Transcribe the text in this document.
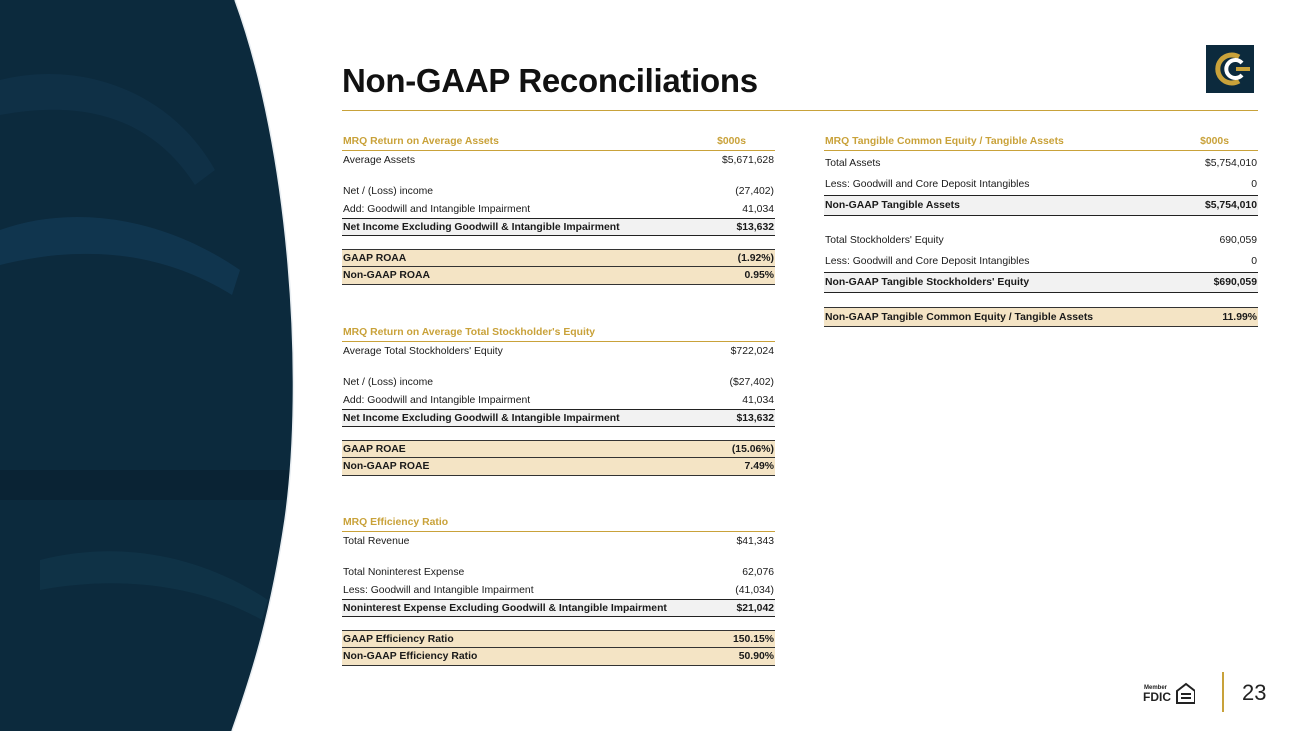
Non-GAAP Reconciliations
MRQ Return on Average Assets	$000s
Average Assets	$5,671,628
Net / (Loss) income	(27,402)
Add: Goodwill and Intangible Impairment	41,034
Net Income Excluding Goodwill & Intangible Impairment	$13,632
GAAP ROAA	(1.92%)
Non-GAAP ROAA	0.95%
MRQ Return on Average Total Stockholder's Equity
Average Total Stockholders' Equity	$722,024
Net / (Loss) income	($27,402)
Add: Goodwill and Intangible Impairment	41,034
Net Income Excluding Goodwill & Intangible Impairment	$13,632
GAAP ROAE	(15.06%)
Non-GAAP ROAE	7.49%
MRQ Efficiency Ratio
Total Revenue	$41,343
Total Noninterest Expense	62,076
Less: Goodwill and Intangible Impairment	(41,034)
Noninterest Expense Excluding Goodwill & Intangible Impairment	$21,042
GAAP Efficiency Ratio	150.15%
Non-GAAP Efficiency Ratio	50.90%
MRQ Tangible Common Equity / Tangible Assets	$000s
Total Assets	$5,754,010
Less: Goodwill and Core Deposit Intangibles	0
Non-GAAP Tangible Assets	$5,754,010
Total Stockholders' Equity	690,059
Less: Goodwill and Core Deposit Intangibles	0
Non-GAAP Tangible Stockholders' Equity	$690,059
Non-GAAP Tangible Common Equity / Tangible Assets	11.99%
Member
FDIC	23
